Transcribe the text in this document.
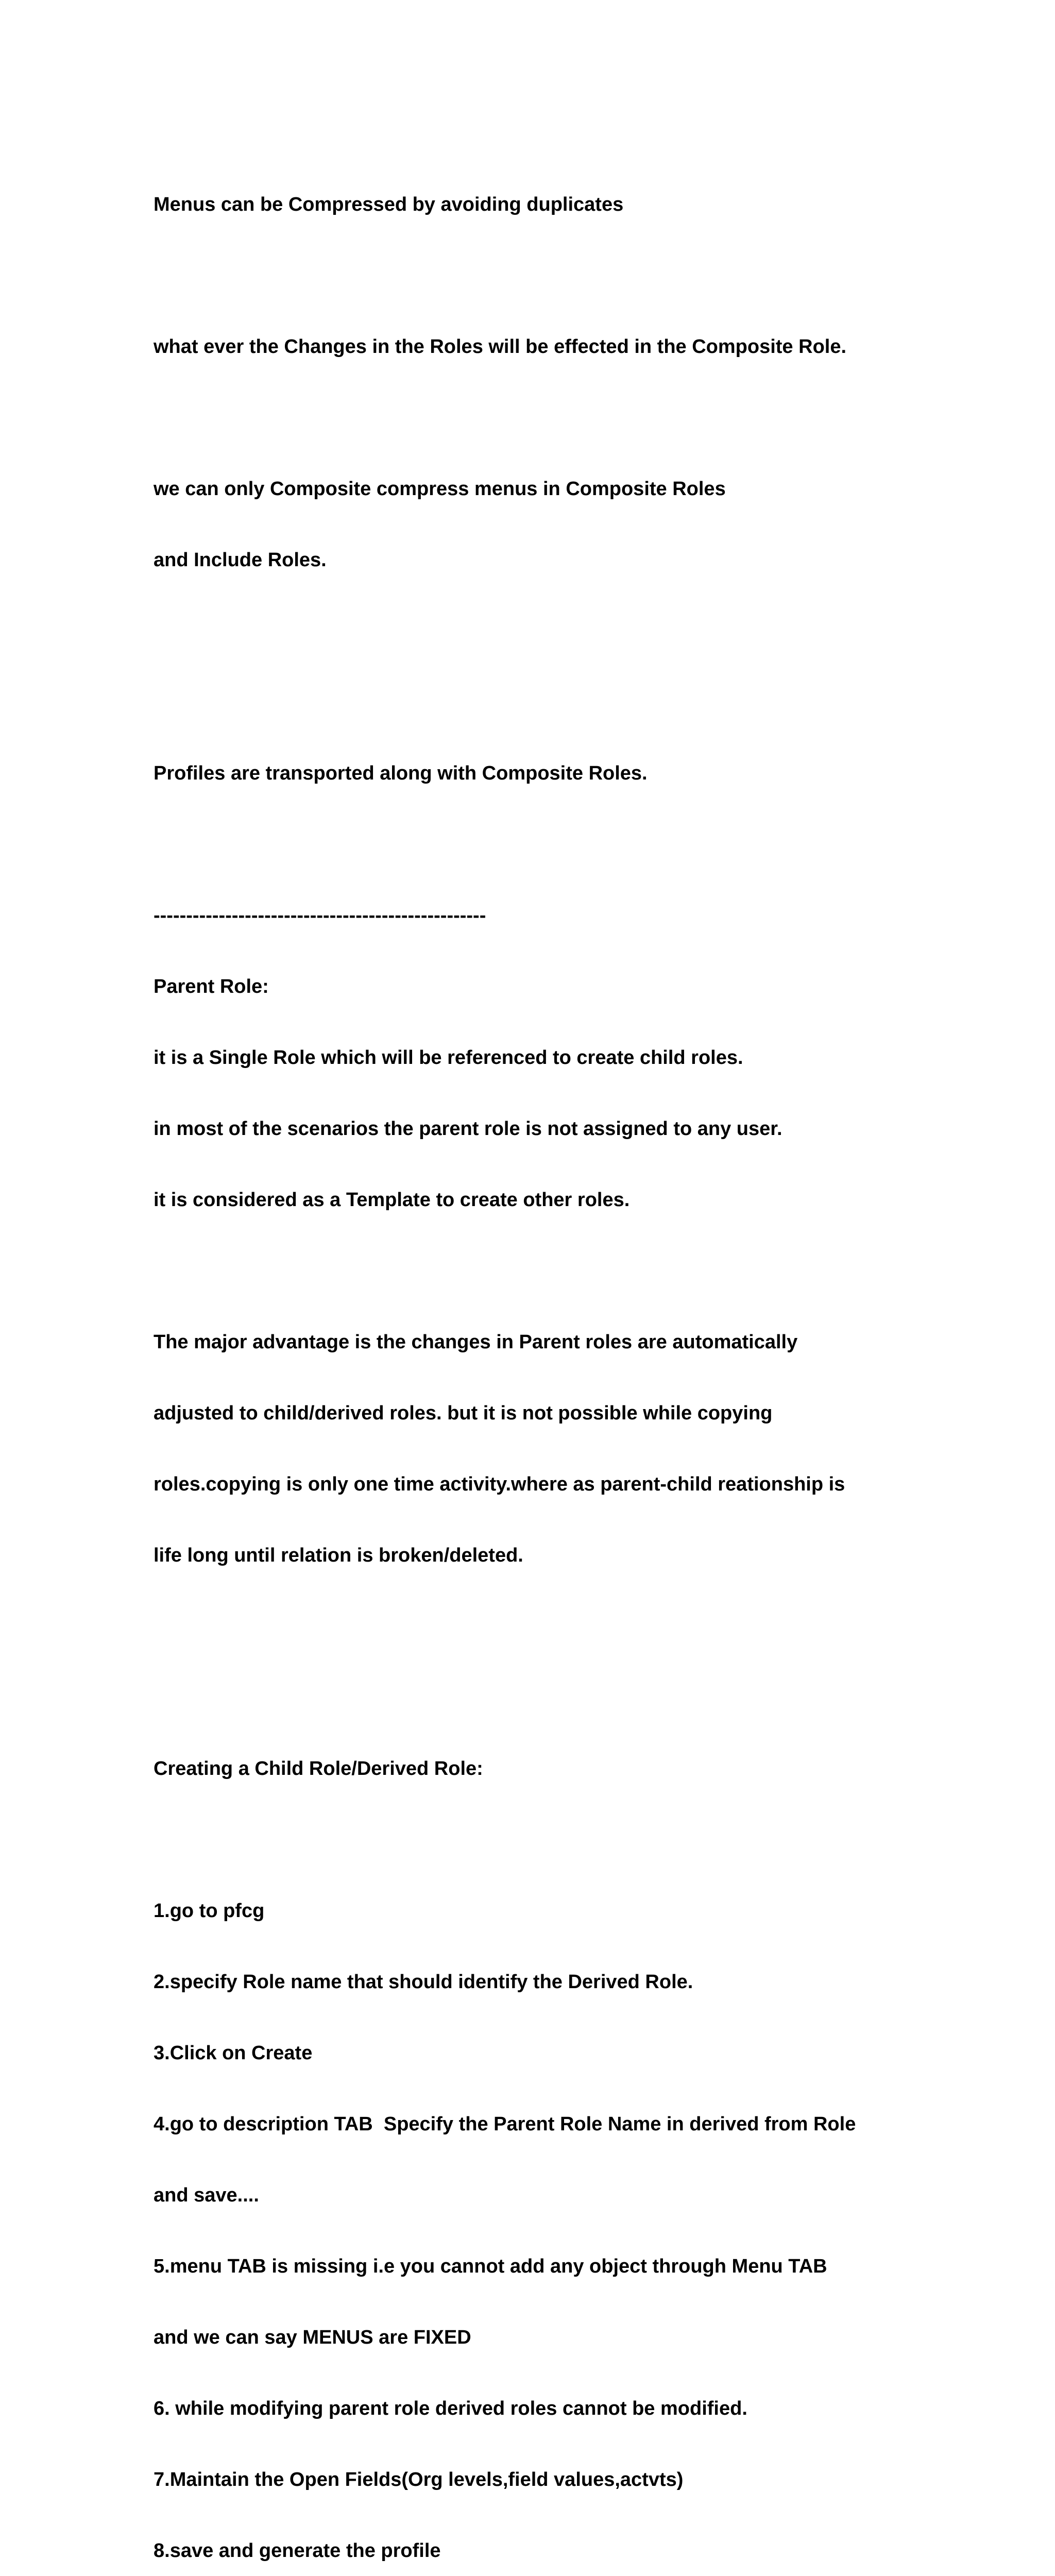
Menus can be Compressed by avoiding duplicates

what ever the Changes in the Roles will be effected in the Composite Role.

we can only Composite compress menus in Composite Roles

and Include Roles.

Profiles are transported along with Composite Roles.

---------------------------------------------------

Parent Role:

it is a Single Role which will be referenced to create child roles.

in most of the scenarios the parent role is not assigned to any user.

it is considered as a Template to create other roles.

The major advantage is the changes in Parent roles are automatically

adjusted to child/derived roles. but it is not possible while copying

roles.copying is only one time activity.where as parent-child reationship is

life long until relation is broken/deleted.

Creating a Child Role/Derived Role:

1.go to pfcg

2.specify Role name that should identify the Derived Role.

3.Click on Create

4.go to description TAB  Specify the Parent Role Name in derived from Role

and save....

5.menu TAB is missing i.e you cannot add any object through Menu TAB

and we can say MENUS are FIXED

6. while modifying parent role derived roles cannot be modified.

7.Maintain the Open Fields(Org levels,field values,actvts)

8.save and generate the profile
